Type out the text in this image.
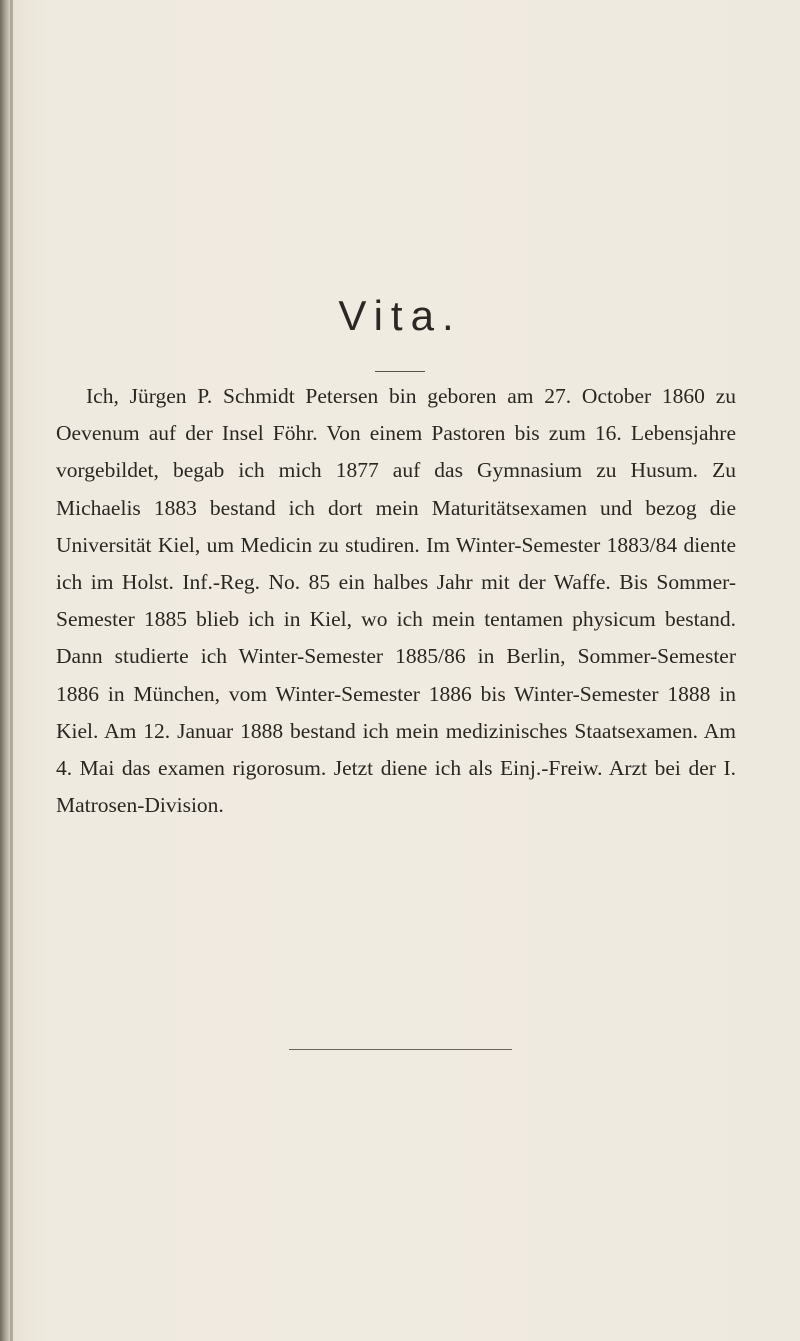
Vita.

Ich, Jürgen P. Schmidt Petersen bin geboren am 27. October 1860 zu Oevenum auf der Insel Föhr. Von einem Pastoren bis zum 16. Lebensjahre vorgebildet, begab ich mich 1877 auf das Gymnasium zu Husum. Zu Michaelis 1883 bestand ich dort mein Maturitätsexamen und bezog die Universität Kiel, um Medicin zu studiren. Im Winter-Semester 1883/84 diente ich im Holst. Inf.-Reg. No. 85 ein halbes Jahr mit der Waffe. Bis Sommer-Semester 1885 blieb ich in Kiel, wo ich mein tentamen physicum bestand. Dann studierte ich Winter-Semester 1885/86 in Berlin, Sommer-Semester 1886 in München, vom Winter-Semester 1886 bis Winter-Semester 1888 in Kiel. Am 12. Januar 1888 bestand ich mein medizinisches Staatsexamen. Am 4. Mai das examen rigorosum. Jetzt diene ich als Einj.-Freiw. Arzt bei der I. Matrosen-Division.
